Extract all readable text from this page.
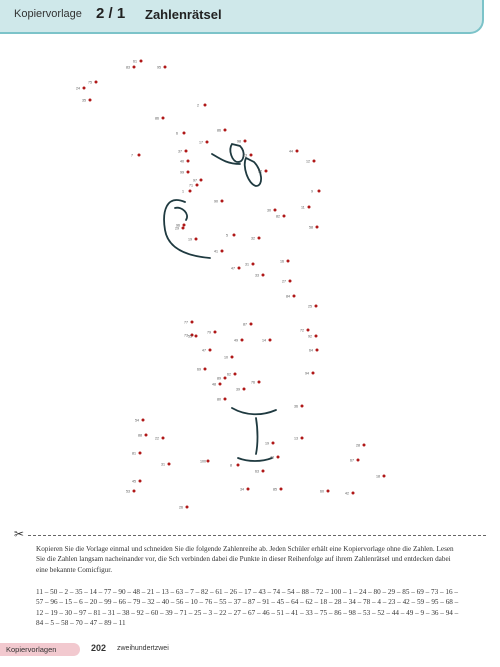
Kopiervorlage 2 / 1 Zahlenrätsel
61
83	95
75
24
35
2
86
86
6
17
37
98
7
40
23
44
12
99	52
97
9
1
71
90
11
30
82
58
96
29
5
19	32
41
31
16
47
33
27
84
25
77	87
79
73
72
92
49	14
47
10
69
94
62
76
48
39
80
36
54
88
22	13
100
19	28
67
31	8
43
63
18
45
34
53	85	60
26
42
81
64
89
55
✂

Kopieren Sie die Vorlage einmal und schneiden Sie die folgende Zahlenreihe ab. Jeden Schüler erhält eine Kopiervorlage ohne die Zahlen. Lesen Sie die Zahlen langsam nacheinander vor, die Sch verbinden dabei die Punkte in dieser Reihenfolge auf ihrem Zahlenrätsel und entdecken dabei eine bekannte Comicfigur.

11 – 50 – 2 – 35 – 14 – 77 – 90 – 48 – 21 – 13 – 63 – 7 – 82 – 61 – 26 – 17 – 43 – 74 – 54 – 88 – 72 – 100 – 1 – 24 – 80 – 29 – 85 – 69 – 73 – 16 – 57 – 96 – 15 – 6 – 20 – 99 – 66 – 79 – 32 – 40 – 56 – 10 – 76 – 55 – 37 – 87 – 91 – 45 – 64 – 62 – 18 – 28 – 34 – 78 – 4 – 23 – 42 – 59 – 95 – 68 – 12 – 19 – 30 – 97 – 81 – 31 – 38 – 92 – 60 – 39 – 71 – 25 – 3 – 22 – 27 – 67 – 46 – 51 – 41 – 33 – 75 – 86 – 98 – 53 – 52 – 44 – 49 – 9 – 36 – 94 – 84 – 5 – 58 – 70 – 47 – 89 – 11

Kopiervorlagen	202 zweihundertzwei
